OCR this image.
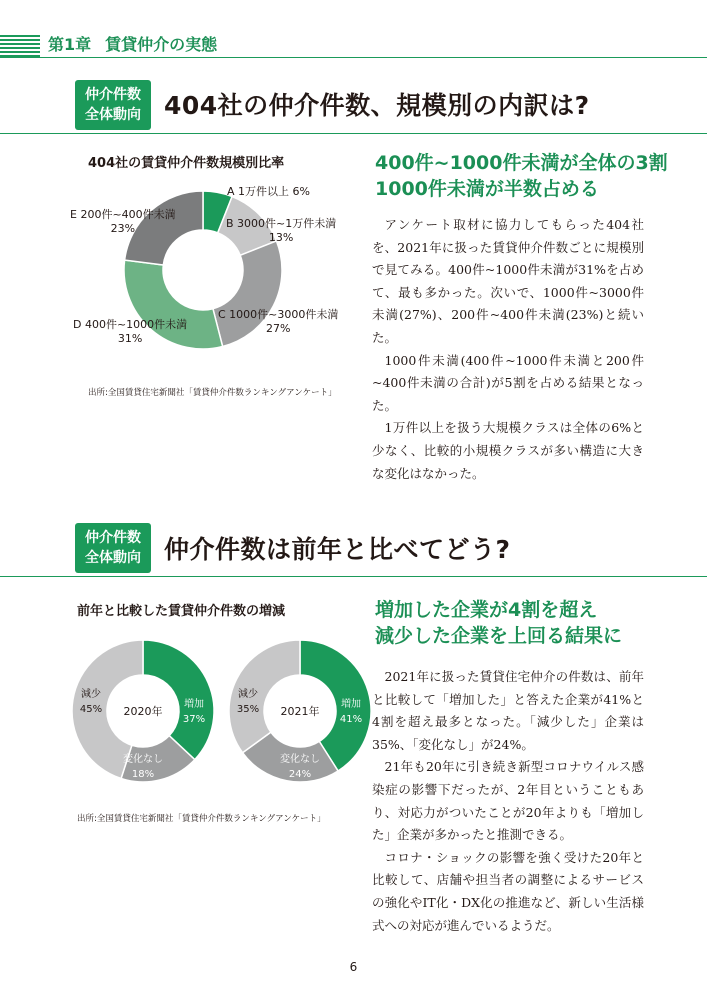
第1章 賃貸仲介の実態
仲介件数
全体動向 404社の仲介件数、規模別の内訳は?
404社の賃貸仲介件数規模別比率
A 1万件以上 6%
B 3000件~1万件未満
13%
C 1000件~3000件未満
27%
D 400件~1000件未満
31%
E 200件~400件未満
23%
出所:全国賃貸住宅新聞社「賃貸仲介件数ランキングアンケート」
400件~1000件未満が全体の3割
1000件未満が半数占める

アンケート取材に協力してもらった404社を、2021年に扱った賃貸仲介件数ごとに規模別で見てみる。400件~1000件未満が31%を占めて、最も多かった。次いで、1000件~3000件未満(27%)、200件~400件未満(23%)と続いた。

1000件未満(400件~1000件未満と200件~400件未満の合計)が5割を占める結果となった。

1万件以上を扱う大規模クラスは全体の6%と少なく、比較的小規模クラスが多い構造に大きな変化はなかった。

仲介件数
全体動向 仲介件数は前年と比べてどう?
前年と比較した賃貸仲介件数の増減
2020年
増加
37%
変化なし
18%
減少
45%	2021年
増加
41%
変化なし
24%
減少
35%
出所:全国賃貸住宅新聞社「賃貸仲介件数ランキングアンケート」
増加した企業が4割を超え
減少した企業を上回る結果に

2021年に扱った賃貸住宅仲介の件数は、前年と比較して「増加した」と答えた企業が41%と4割を超え最多となった。「減少した」企業は35%、「変化なし」が24%。

21年も20年に引き続き新型コロナウイルス感染症の影響下だったが、2年目ということもあり、対応力がついたことが20年よりも「増加した」企業が多かったと推測できる。

コロナ・ショックの影響を強く受けた20年と比較して、店舗や担当者の調整によるサービスの強化やIT化・DX化の推進など、新しい生活様式への対応が進んでいるようだ。

6
